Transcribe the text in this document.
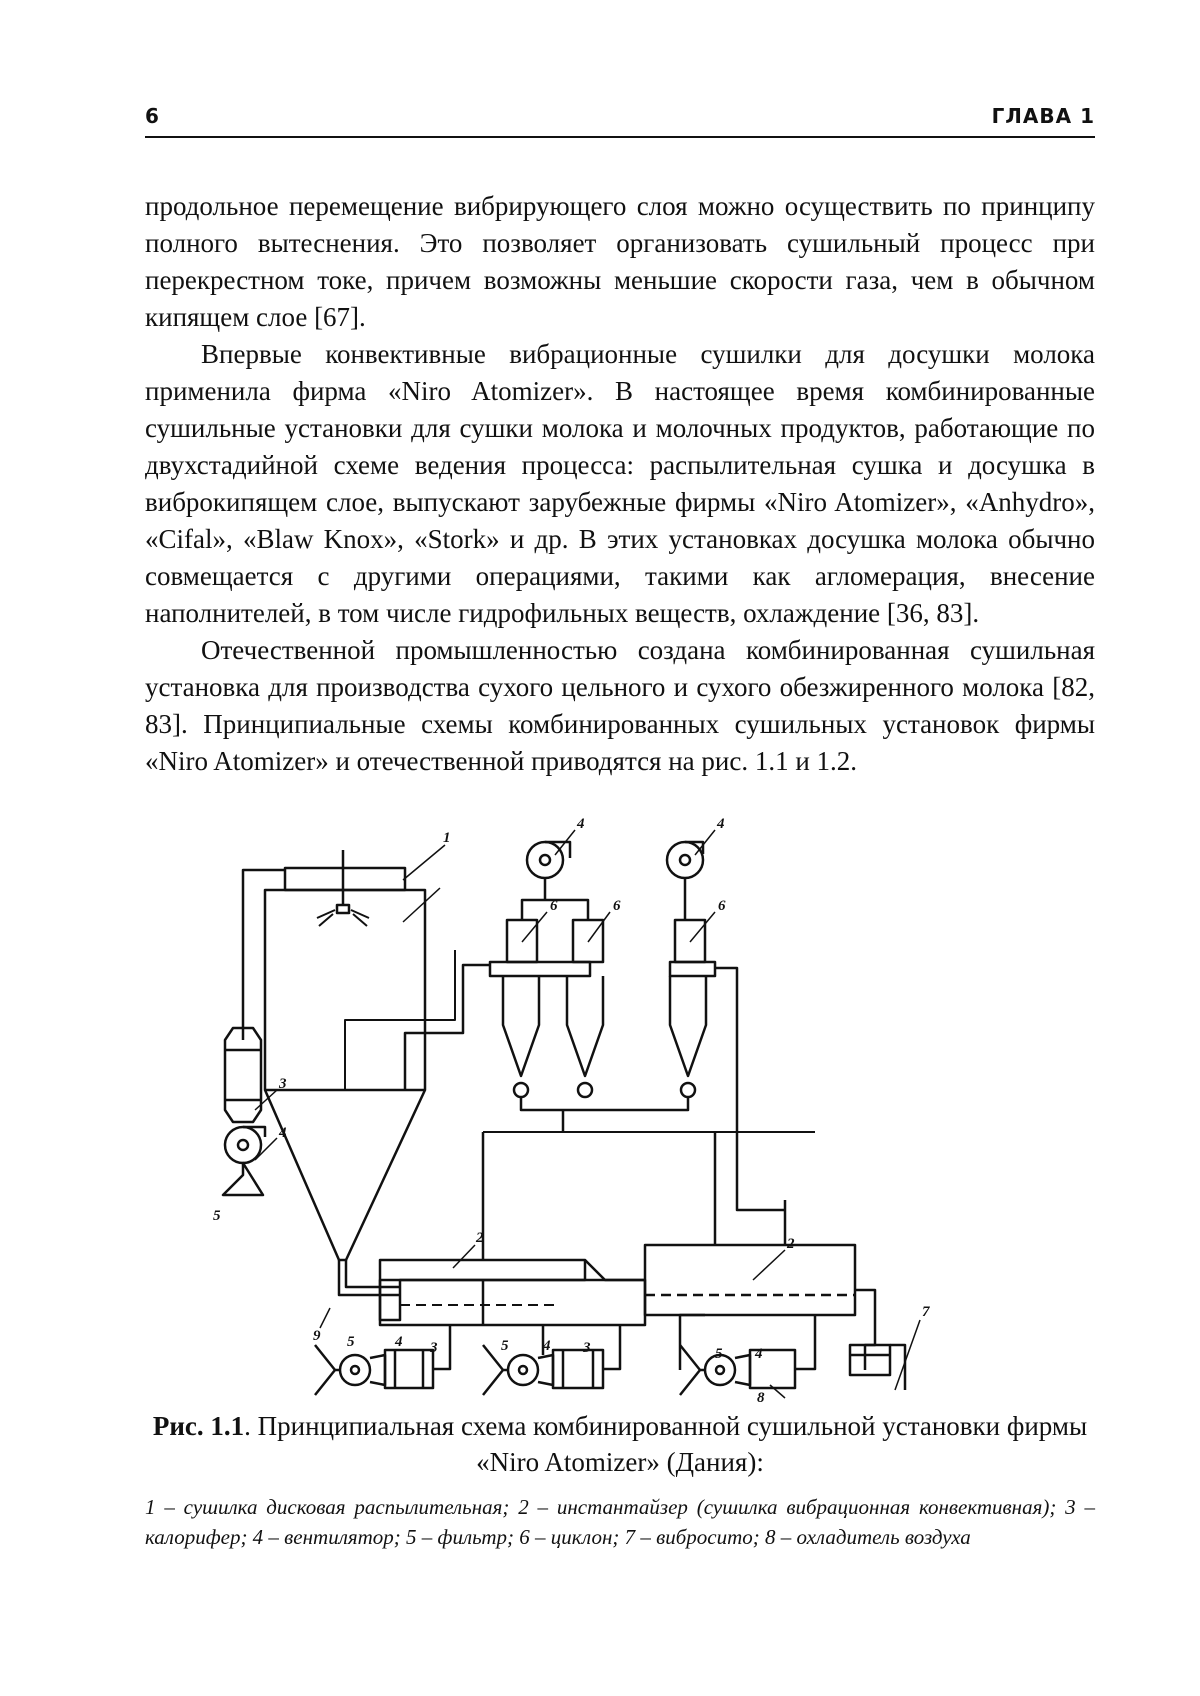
6	ГЛАВА 1

продольное перемещение вибрирующего слоя можно осуществить по принципу полного вытеснения. Это позволяет организовать сушильный процесс при перекрестном токе, причем возможны меньшие скорости газа, чем в обычном кипящем слое [67].

Впервые конвективные вибрационные сушилки для досушки молока применила фирма «Niro Atomizer». В настоящее время комбинированные сушильные установки для сушки молока и молочных продуктов, работающие по двухстадийной схеме ведения процесса: распылительная сушка и досушка в виброкипящем слое, выпускают зарубежные фирмы «Niro Atomizer», «Anhydro», «Cifal», «Blaw Knox», «Stork» и др. В этих установках досушка молока обычно совмещается с другими операциями, такими как агломерация, внесение наполнителей, в том числе гидрофильных веществ, охлаждение [36, 83].

Отечественной промышленностью создана комбинированная сушильная установка для производства сухого цельного и сухого обезжиренного молока [82, 83]. Принципиальные схемы комбинированных сушильных установок фирмы «Niro Atomizer» и отечественной приводятся на рис. 1.1 и 1.2.

1
2	2
3
3	3
4
4	4
4	4	4
5
5	5	5
6	6	6
7
8
9
Рис. 1.1. Принципиальная схема комбинированной сушильной установки фирмы «Niro Atomizer» (Дания):
1 – сушилка дисковая распылительная; 2 – инстантайзер (сушилка вибрационная конвективная); 3 – калорифер; 4 – вентилятор; 5 – фильтр; 6 – циклон; 7 – вибросито; 8 – охладитель воздуха
